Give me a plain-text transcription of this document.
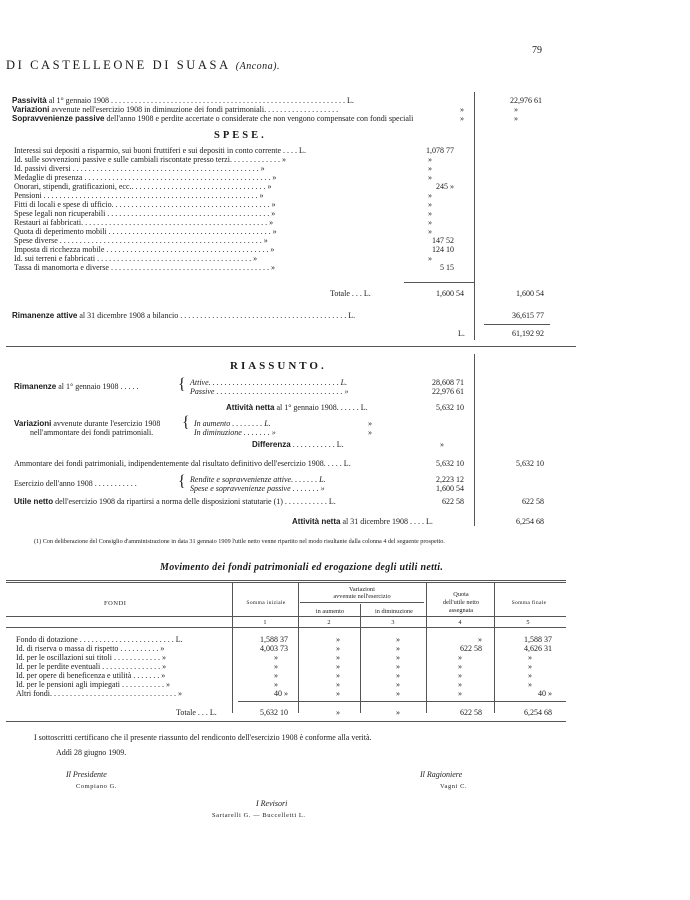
79
DI CASTELLEONE DI SUASA (Ancona).
Passività al 1° gennaio 1908 . . . . . . . . . . . . . . . . . . . . . . . . . . . . . . . . . . . . . . . . . . . . . . . . . . . . . . . . . . . L.	22,976 61
Variazioni avvenute nell'esercizio 1908 in diminuzione dei fondi patrimoniali. . . . . . . . . . . . . . . . . . .	»	»
Sopravvenienze passive dell'anno 1908 e perdite accertate o considerate che non vengono compensate con fondi speciali	»	»
SPESE.
Interessi sui depositi a risparmio, sui buoni fruttiferi e sui depositi in conto corrente . . . . L.	1,078 77
Id. sulle sovvenzioni passive e sulle cambiali riscontate presso terzi. . . . . . . . . . . . . »	»
Id. passivi diversi . . . . . . . . . . . . . . . . . . . . . . . . . . . . . . . . . . . . . . . . . . . . . . . »	»
Medaglie di presenza . . . . . . . . . . . . . . . . . . . . . . . . . . . . . . . . . . . . . . . . . . . . . . . »	»
Onorari, stipendi, gratificazioni, ecc.. . . . . . . . . . . . . . . . . . . . . . . . . . . . . . . . . . »	245 »
Pensioni . . . . . . . . . . . . . . . . . . . . . . . . . . . . . . . . . . . . . . . . . . . . . . . . . . . . . . »	»
Fitti di locali e spese di ufficio. . . . . . . . . . . . . . . . . . . . . . . . . . . . . . . . . . . . . . . . »	»
Spese legali non ricuperabili . . . . . . . . . . . . . . . . . . . . . . . . . . . . . . . . . . . . . . . . . »	»
Restauri ai fabbricati. . . . . . . . . . . . . . . . . . . . . . . . . . . . . . . . . . . . . . . . . . . . . . . »	»
Quota di deperimento mobili . . . . . . . . . . . . . . . . . . . . . . . . . . . . . . . . . . . . . . . . . »	»
Spese diverse . . . . . . . . . . . . . . . . . . . . . . . . . . . . . . . . . . . . . . . . . . . . . . . . . . . »	147 52
Imposta di ricchezza mobile . . . . . . . . . . . . . . . . . . . . . . . . . . . . . . . . . . . . . . . . . »	124 10
Id. sui terreni e fabbricati . . . . . . . . . . . . . . . . . . . . . . . . . . . . . . . . . . . . . . . »	»
Tassa di manomorta e diverse . . . . . . . . . . . . . . . . . . . . . . . . . . . . . . . . . . . . . . . . »	5 15
Totale . . . L.	1,600 54	1,600 54
Rimanenze attive al 31 dicembre 1908 a bilancio . . . . . . . . . . . . . . . . . . . . . . . . . . . . . . . . . . . . . . . . . . L.	36,615 77
L.	61,192 92
RIASSUNTO.
Rimanenze al 1° gennaio 1908 . . . . . { Attive. . . . . . . . . . . . . . . . . . . . . . . . . . . . . . . . . L.	28,608 71
Passive . . . . . . . . . . . . . . . . . . . . . . . . . . . . . . . . »	22,976 61
Attività netta al 1° gennaio 1908. . . . . . L.	5,632 10
Variazioni avvenute durante l'esercizio 1908
nell'ammontare dei fondi patrimoniali.
{ In aumento . . . . . . . . L.	»
In diminuzione . . . . . . . »	»
Differenza . . . . . . . . . . . L.	»
Ammontare dei fondi patrimoniali, indipendentemente dal risultato definitivo dell'esercizio 1908. . . . . L.	5,632 10	5,632 10
Esercizio dell'anno 1908 . . . . . . . . . . .	{ Rendite e sopravvenienze attive. . . . . . . L.	2,223 12
Spese e sopravvenienze passive . . . . . . . »	1,600 54
Utile netto dell'esercizio 1908 da ripartirsi a norma delle disposizioni statutarie (1) . . . . . . . . . . . L.	622 58	622 58
Attività netta al 31 dicembre 1908 . . . . L.	6,254 68
(1) Con deliberazione del Consiglio d'amministrazione in data 31 gennaio 1909 l'utile netto venne ripartito nel modo risultante dalla colonna 4 del seguente prospetto.
Movimento dei fondi patrimoniali ed erogazione degli utili netti.
FONDI	Somma iniziale
Variazioni
avvenute nell'esercizio
in aumento	in diminuzione
Quota
dell'utile netto
assegnata
Somma finale
1	2	3	4	5
Fondo di dotazione . . . . . . . . . . . . . . . . . . . . . . . . L.	1,588 37	»	»	»	1,588 37
Id. di riserva o massa di rispetto . . . . . . . . . . »	4,003 73	»	»	622 58	4,626 31
Id. per le oscillazioni sui titoli . . . . . . . . . . . . »	»	»	»	»	»
Id. per le perdite eventuali . . . . . . . . . . . . . . . »	»	»	»	»	»
Id. per opere di beneficenza e utilità . . . . . . . »	»	»	»	»	»
Id. per le pensioni agli impiegati . . . . . . . . . . . »	»	»	»	»	»
Altri fondi. . . . . . . . . . . . . . . . . . . . . . . . . . . . . . . . »	40 »	»	»	»	40 »
Totale . . . L.	5,632 10	»	»	622 58	6,254 68
I sottoscritti certificano che il presente riassunto del rendiconto dell'esercizio 1908 è conforme alla verità.
Addì 28 giugno 1909.
Il Presidente
Compiano G.
Il Ragioniere
Vagni C.
I Revisori
Sartarelli G. — Buccelletti L.
